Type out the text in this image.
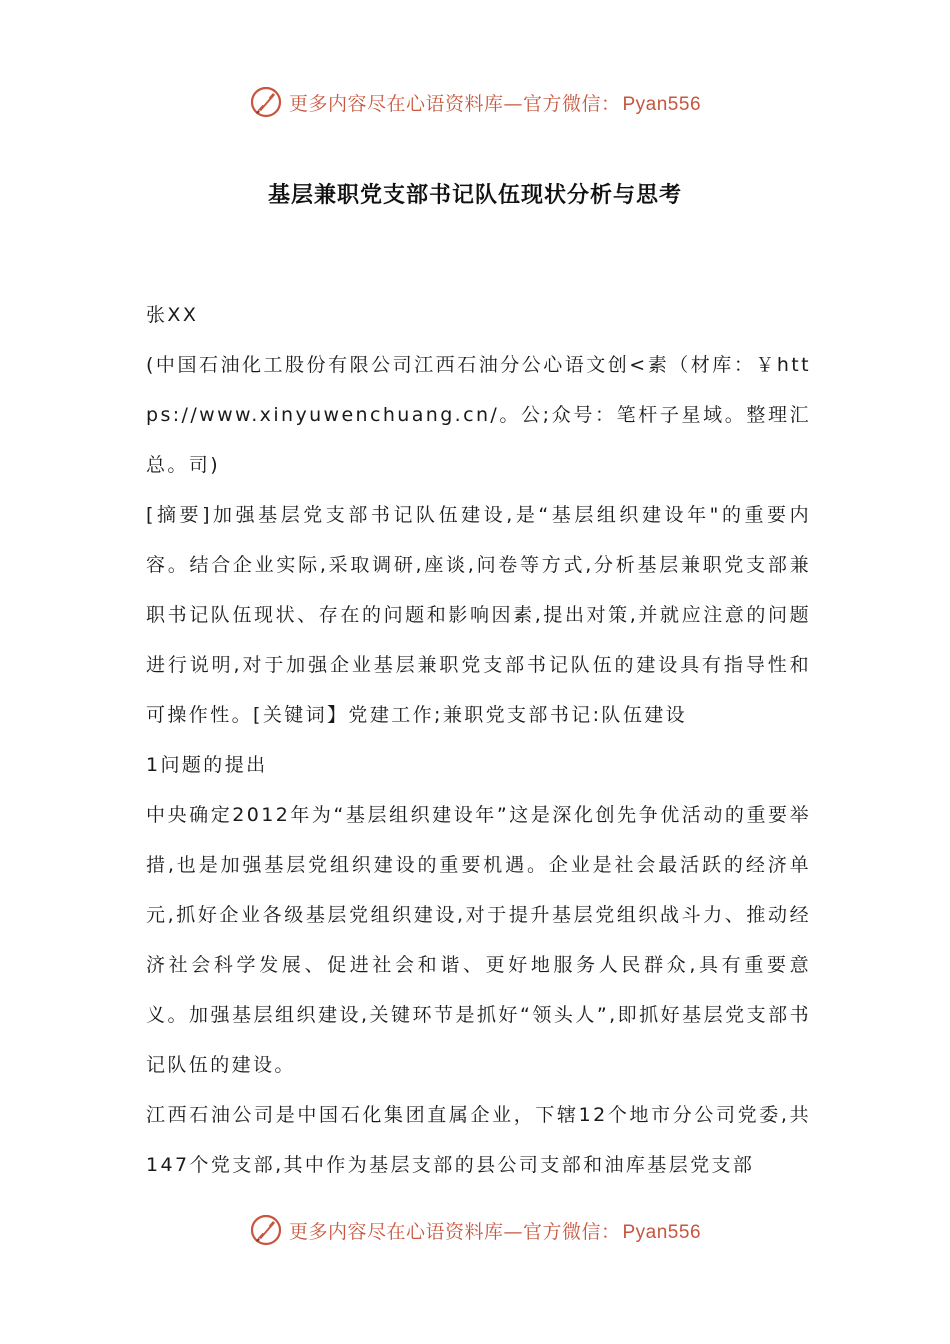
更多内容尽在心语资料库—官方微信： Pyan556
基层兼职党支部书记队伍现状分析与思考

张XX

(中国石油化工股份有限公司江西石油分公心语文创<素（材库：￥https://www.xinyuwenchuang.cn/。公;众号：笔杆子星域。整理汇总。司)

[摘要]加强基层党支部书记队伍建设,是“基层组织建设年"的重要内容。结合企业实际,采取调研,座谈,问卷等方式,分析基层兼职党支部兼职书记队伍现状、存在的问题和影响因素,提出对策,并就应注意的问题进行说明,对于加强企业基层兼职党支部书记队伍的建设具有指导性和可操作性。[关键词】党建工作;兼职党支部书记:队伍建设

1问题的提出

中央确定2012年为“基层组织建设年”这是深化创先争优活动的重要举措,也是加强基层党组织建设的重要机遇。企业是社会最活跃的经济单元,抓好企业各级基层党组织建设,对于提升基层党组织战斗力、推动经济社会科学发展、促进社会和谐、更好地服务人民群众,具有重要意义。加强基层组织建设,关键环节是抓好“领头人”,即抓好基层党支部书记队伍的建设。

江西石油公司是中国石化集团直属企业，下辖12个地市分公司党委,共147个党支部,其中作为基层支部的县公司支部和油库基层党支部

更多内容尽在心语资料库—官方微信： Pyan556
